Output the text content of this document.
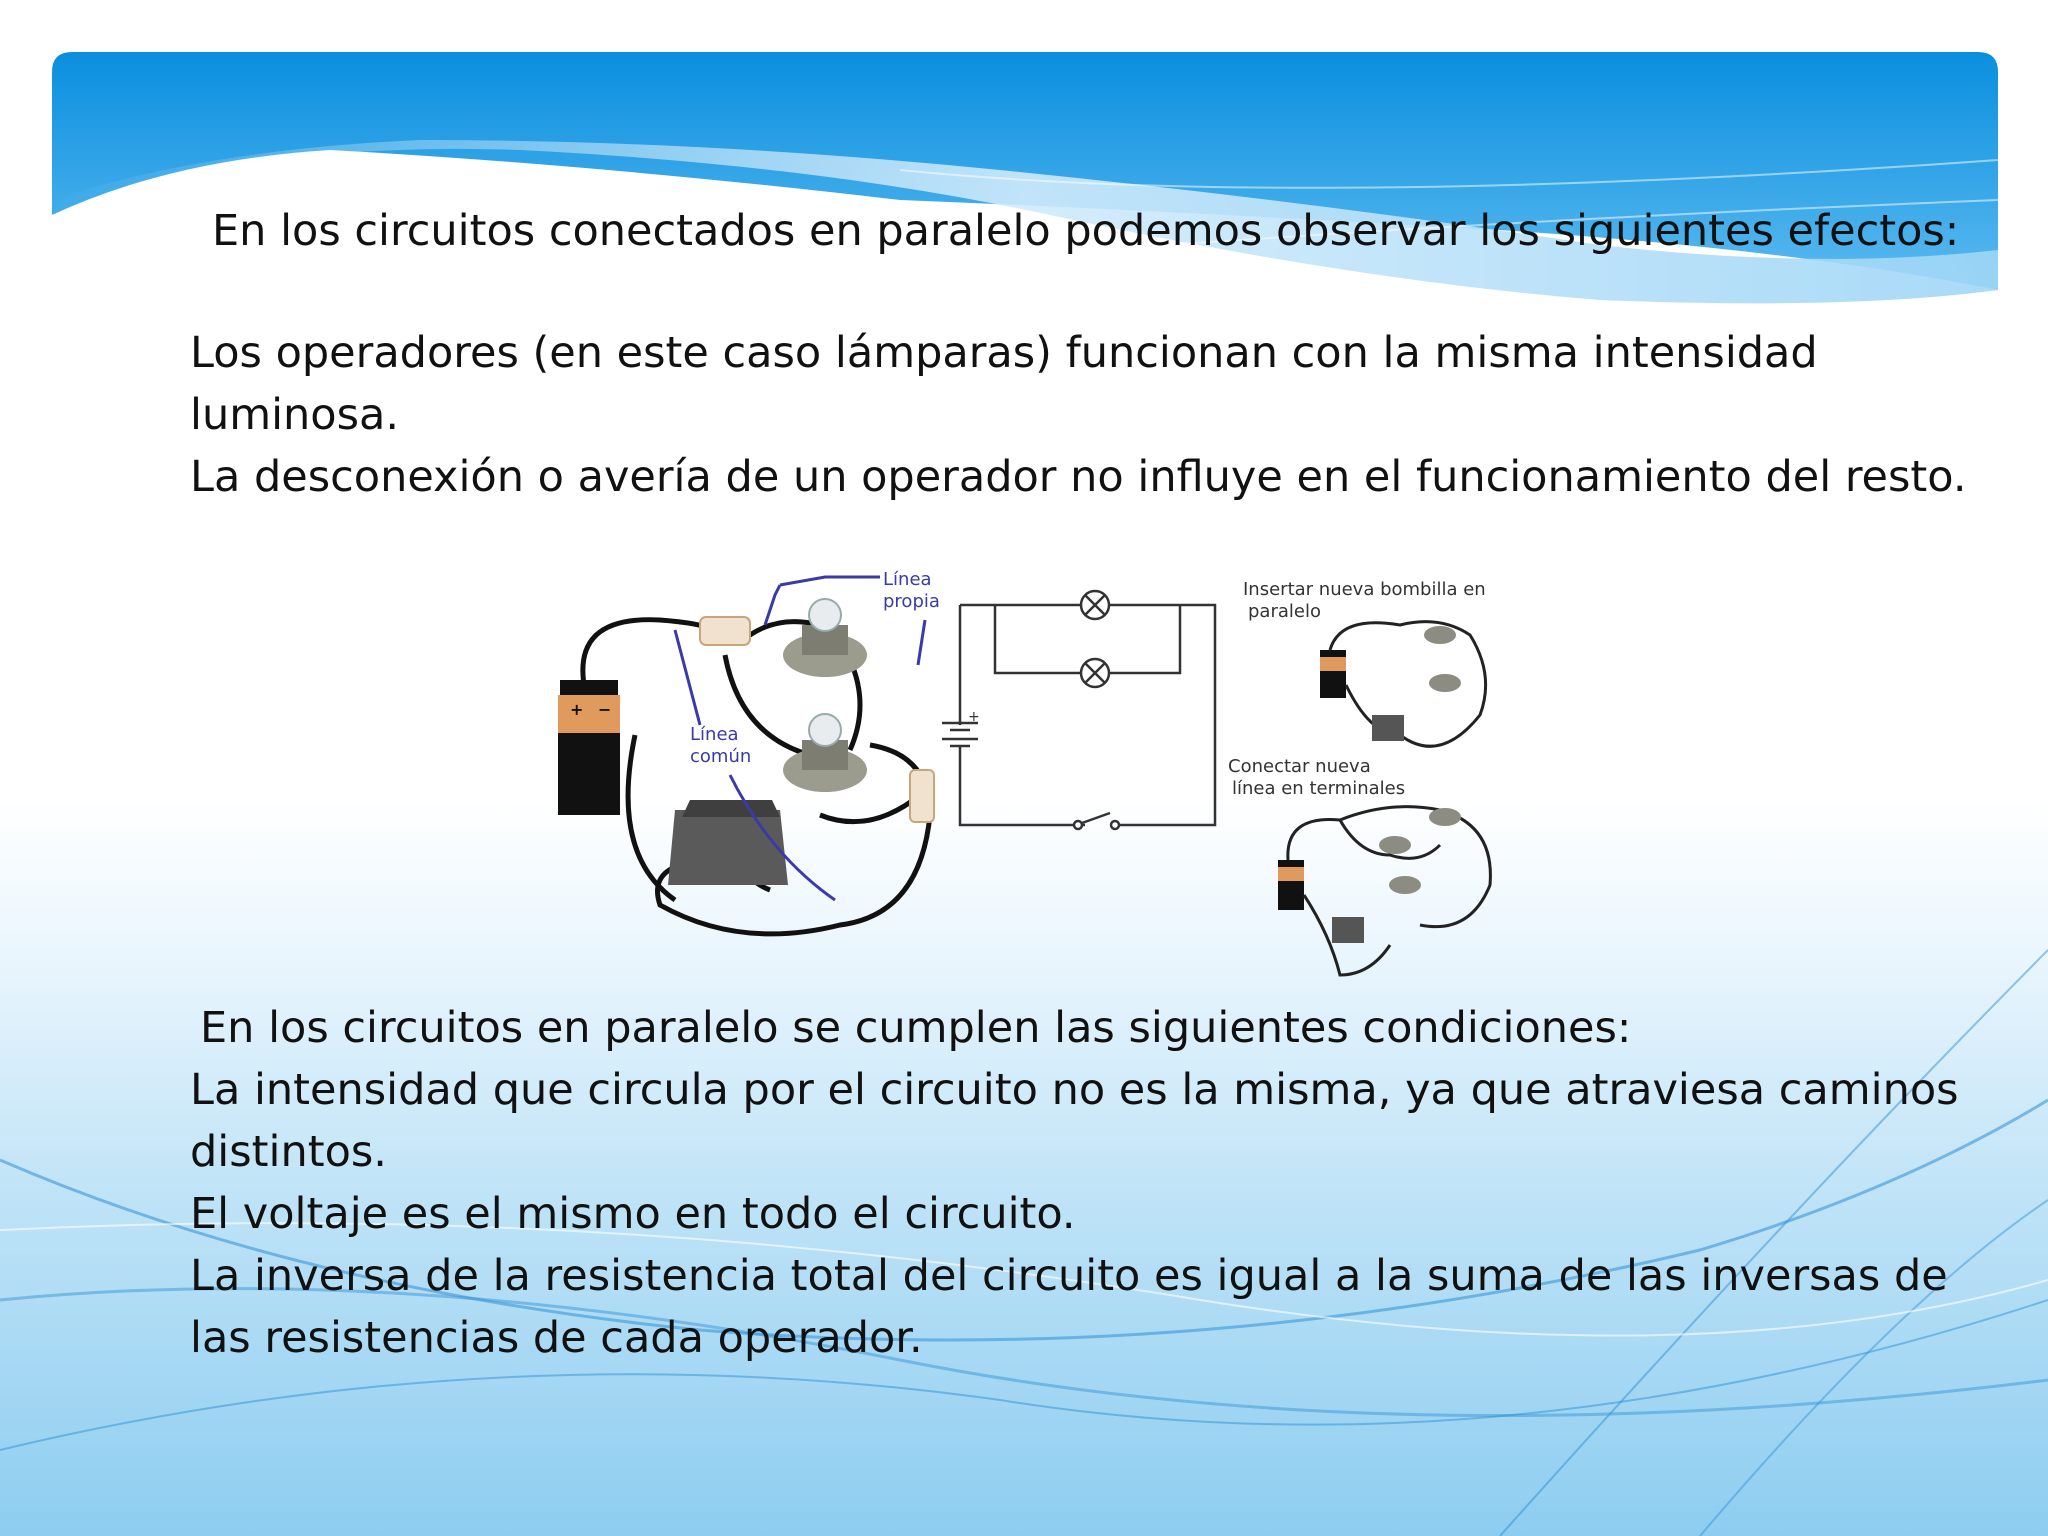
En los circuitos conectados en paralelo podemos observar los siguientes efectos:
Los operadores (en este caso lámparas) funcionan con la misma intensidad
luminosa.
La desconexión o avería de un operador no influye en el funcionamiento del resto.
+ −
Línea
propia
Línea
común
+
Insertar nueva bombilla en
paralelo
Conectar nueva
línea en terminales
En los circuitos en paralelo se cumplen las siguientes condiciones:
La intensidad que circula por el circuito no es la misma, ya que atraviesa caminos
distintos.
El voltaje es el mismo en todo el circuito.
La inversa de la resistencia total del circuito es igual a la suma de las inversas de
las resistencias de cada operador.
